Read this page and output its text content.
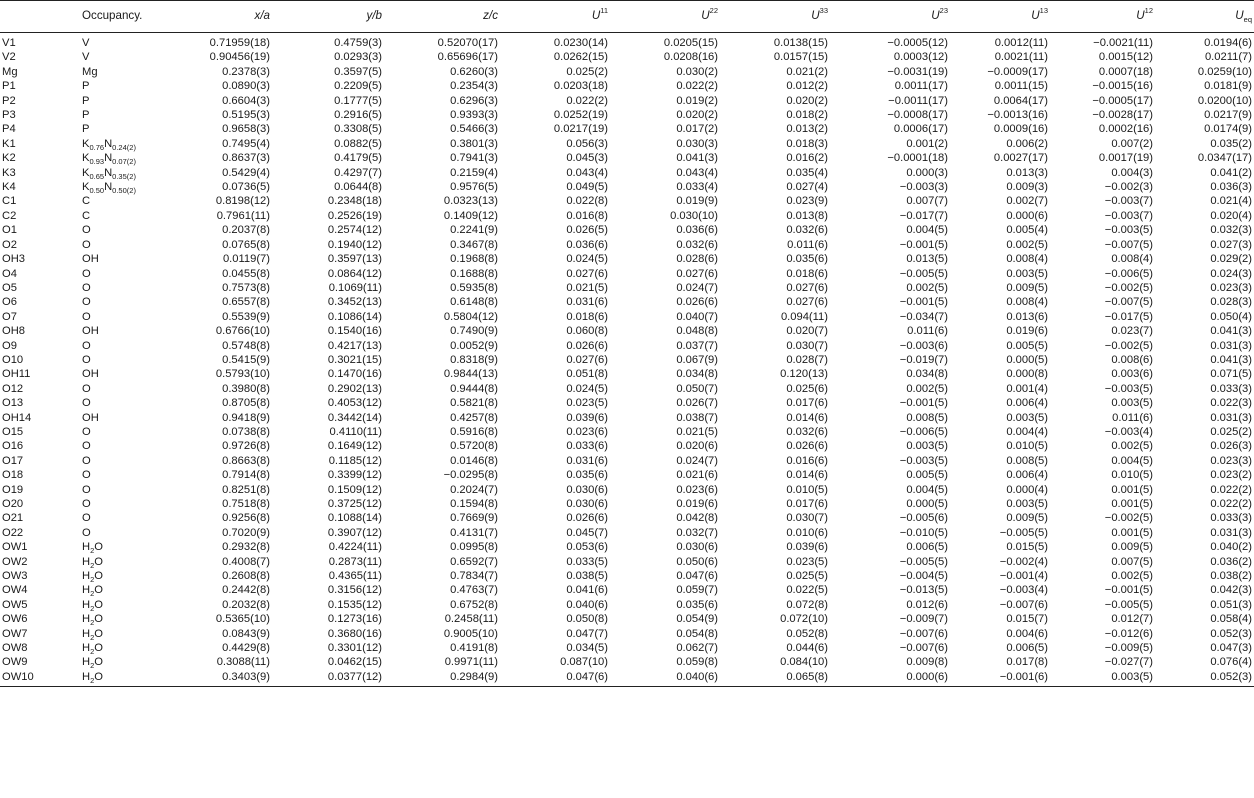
	Occupancy.	x/a	y/b	z/c	$U^{11}$	$U^{22}$	$U^{33}$	$U^{23}$	$U^{13}$	$U^{12}$	$U_{eq}$
V1	V	0.71959(18)	0.4759(3)	0.52070(17)	0.0230(14)	0.0205(15)	0.0138(15)	−0.0005(12)	0.0012(11)	−0.0021(11)	0.0194(6)
V2	V	0.90456(19)	0.0293(3)	0.65696(17)	0.0262(15)	0.0208(16)	0.0157(15)	0.0003(12)	0.0021(11)	0.0015(12)	0.0211(7)
Mg	Mg	0.2378(3)	0.3597(5)	0.6260(3)	0.025(2)	0.030(2)	0.021(2)	−0.0031(19)	−0.0009(17)	0.0007(18)	0.0259(10)
P1	P	0.0890(3)	0.2209(5)	0.2354(3)	0.0203(18)	0.022(2)	0.012(2)	0.0011(17)	0.0011(15)	−0.0015(16)	0.0181(9)
P2	P	0.6604(3)	0.1777(5)	0.6296(3)	0.022(2)	0.019(2)	0.020(2)	−0.0011(17)	0.0064(17)	−0.0005(17)	0.0200(10)
P3	P	0.5195(3)	0.2916(5)	0.9393(3)	0.0252(19)	0.020(2)	0.018(2)	−0.0008(17)	−0.0013(16)	−0.0028(17)	0.0217(9)
P4	P	0.9658(3)	0.3308(5)	0.5466(3)	0.0217(19)	0.017(2)	0.013(2)	0.0006(17)	0.0009(16)	0.0002(16)	0.0174(9)
K1	$K_{0.76}N_{0.24(2)}$	0.7495(4)	0.0882(5)	0.3801(3)	0.056(3)	0.030(3)	0.018(3)	0.001(2)	0.006(2)	0.007(2)	0.035(2)
K2	$K_{0.93}N_{0.07(2)}$	0.8637(3)	0.4179(5)	0.7941(3)	0.045(3)	0.041(3)	0.016(2)	−0.0001(18)	0.0027(17)	0.0017(19)	0.0347(17)
K3	$K_{0.65}N_{0.35(2)}$	0.5429(4)	0.4297(7)	0.2159(4)	0.043(4)	0.043(4)	0.035(4)	0.000(3)	0.013(3)	0.004(3)	0.041(2)
K4	$K_{0.50}N_{0.50(2)}$	0.0736(5)	0.0644(8)	0.9576(5)	0.049(5)	0.033(4)	0.027(4)	−0.003(3)	0.009(3)	−0.002(3)	0.036(3)
C1	C	0.8198(12)	0.2348(18)	0.0323(13)	0.022(8)	0.019(9)	0.023(9)	0.007(7)	0.002(7)	−0.003(7)	0.021(4)
C2	C	0.7961(11)	0.2526(19)	0.1409(12)	0.016(8)	0.030(10)	0.013(8)	−0.017(7)	0.000(6)	−0.003(7)	0.020(4)
O1	O	0.2037(8)	0.2574(12)	0.2241(9)	0.026(5)	0.036(6)	0.032(6)	0.004(5)	0.005(4)	−0.003(5)	0.032(3)
O2	O	0.0765(8)	0.1940(12)	0.3467(8)	0.036(6)	0.032(6)	0.011(6)	−0.001(5)	0.002(5)	−0.007(5)	0.027(3)
OH3	OH	0.0119(7)	0.3597(13)	0.1968(8)	0.024(5)	0.028(6)	0.035(6)	0.013(5)	0.008(4)	0.008(4)	0.029(2)
O4	O	0.0455(8)	0.0864(12)	0.1688(8)	0.027(6)	0.027(6)	0.018(6)	−0.005(5)	0.003(5)	−0.006(5)	0.024(3)
O5	O	0.7573(8)	0.1069(11)	0.5935(8)	0.021(5)	0.024(7)	0.027(6)	0.002(5)	0.009(5)	−0.002(5)	0.023(3)
O6	O	0.6557(8)	0.3452(13)	0.6148(8)	0.031(6)	0.026(6)	0.027(6)	−0.001(5)	0.008(4)	−0.007(5)	0.028(3)
O7	O	0.5539(9)	0.1086(14)	0.5804(12)	0.018(6)	0.040(7)	0.094(11)	−0.034(7)	0.013(6)	−0.017(5)	0.050(4)
OH8	OH	0.6766(10)	0.1540(16)	0.7490(9)	0.060(8)	0.048(8)	0.020(7)	0.011(6)	0.019(6)	0.023(7)	0.041(3)
O9	O	0.5748(8)	0.4217(13)	0.0052(9)	0.026(6)	0.037(7)	0.030(7)	−0.003(6)	0.005(5)	−0.002(5)	0.031(3)
O10	O	0.5415(9)	0.3021(15)	0.8318(9)	0.027(6)	0.067(9)	0.028(7)	−0.019(7)	0.000(5)	0.008(6)	0.041(3)
OH11	OH	0.5793(10)	0.1470(16)	0.9844(13)	0.051(8)	0.034(8)	0.120(13)	0.034(8)	0.000(8)	0.003(6)	0.071(5)
O12	O	0.3980(8)	0.2902(13)	0.9444(8)	0.024(5)	0.050(7)	0.025(6)	0.002(5)	0.001(4)	−0.003(5)	0.033(3)
O13	O	0.8705(8)	0.4053(12)	0.5821(8)	0.023(5)	0.026(7)	0.017(6)	−0.001(5)	0.006(4)	0.003(5)	0.022(3)
OH14	OH	0.9418(9)	0.3442(14)	0.4257(8)	0.039(6)	0.038(7)	0.014(6)	0.008(5)	0.003(5)	0.011(6)	0.031(3)
O15	O	0.0738(8)	0.4110(11)	0.5916(8)	0.023(6)	0.021(5)	0.032(6)	−0.006(5)	0.004(4)	−0.003(4)	0.025(2)
O16	O	0.9726(8)	0.1649(12)	0.5720(8)	0.033(6)	0.020(6)	0.026(6)	0.003(5)	0.010(5)	0.002(5)	0.026(3)
O17	O	0.8663(8)	0.1185(12)	0.0146(8)	0.031(6)	0.024(7)	0.016(6)	−0.003(5)	0.008(5)	0.004(5)	0.023(3)
O18	O	0.7914(8)	0.3399(12)	−0.0295(8)	0.035(6)	0.021(6)	0.014(6)	0.005(5)	0.006(4)	0.010(5)	0.023(2)
O19	O	0.8251(8)	0.1509(12)	0.2024(7)	0.030(6)	0.023(6)	0.010(5)	0.004(5)	0.000(4)	0.001(5)	0.022(2)
O20	O	0.7518(8)	0.3725(12)	0.1594(8)	0.030(6)	0.019(6)	0.017(6)	0.000(5)	0.003(5)	0.001(5)	0.022(2)
O21	O	0.9256(8)	0.1088(14)	0.7669(9)	0.026(6)	0.042(8)	0.030(7)	−0.005(6)	0.009(5)	−0.002(5)	0.033(3)
O22	O	0.7020(9)	0.3907(12)	0.4131(7)	0.045(7)	0.032(7)	0.010(6)	−0.010(5)	−0.005(5)	0.001(5)	0.031(3)
OW1	$H_2O$	0.2932(8)	0.4224(11)	0.0995(8)	0.053(6)	0.030(6)	0.039(6)	0.006(5)	0.015(5)	0.009(5)	0.040(2)
OW2	$H_2O$	0.4008(7)	0.2873(11)	0.6592(7)	0.033(5)	0.050(6)	0.023(5)	−0.005(5)	−0.002(4)	0.007(5)	0.036(2)
OW3	$H_2O$	0.2608(8)	0.4365(11)	0.7834(7)	0.038(5)	0.047(6)	0.025(5)	−0.004(5)	−0.001(4)	0.002(5)	0.038(2)
OW4	$H_2O$	0.2442(8)	0.3156(12)	0.4763(7)	0.041(6)	0.059(7)	0.022(5)	−0.013(5)	−0.003(4)	−0.001(5)	0.042(3)
OW5	$H_2O$	0.2032(8)	0.1535(12)	0.6752(8)	0.040(6)	0.035(6)	0.072(8)	0.012(6)	−0.007(6)	−0.005(5)	0.051(3)
OW6	$H_2O$	0.5365(10)	0.1273(16)	0.2458(11)	0.050(8)	0.054(9)	0.072(10)	−0.009(7)	0.015(7)	0.012(7)	0.058(4)
OW7	$H_2O$	0.0843(9)	0.3680(16)	0.9005(10)	0.047(7)	0.054(8)	0.052(8)	−0.007(6)	0.004(6)	−0.012(6)	0.052(3)
OW8	$H_2O$	0.4429(8)	0.3301(12)	0.4191(8)	0.034(5)	0.062(7)	0.044(6)	−0.007(6)	0.006(5)	−0.009(5)	0.047(3)
OW9	$H_2O$	0.3088(11)	0.0462(15)	0.9971(11)	0.087(10)	0.059(8)	0.084(10)	0.009(8)	0.017(8)	−0.027(7)	0.076(4)
OW10	$H_2O$	0.3403(9)	0.0377(12)	0.2984(9)	0.047(6)	0.040(6)	0.065(8)	0.000(6)	−0.001(6)	0.003(5)	0.052(3)
